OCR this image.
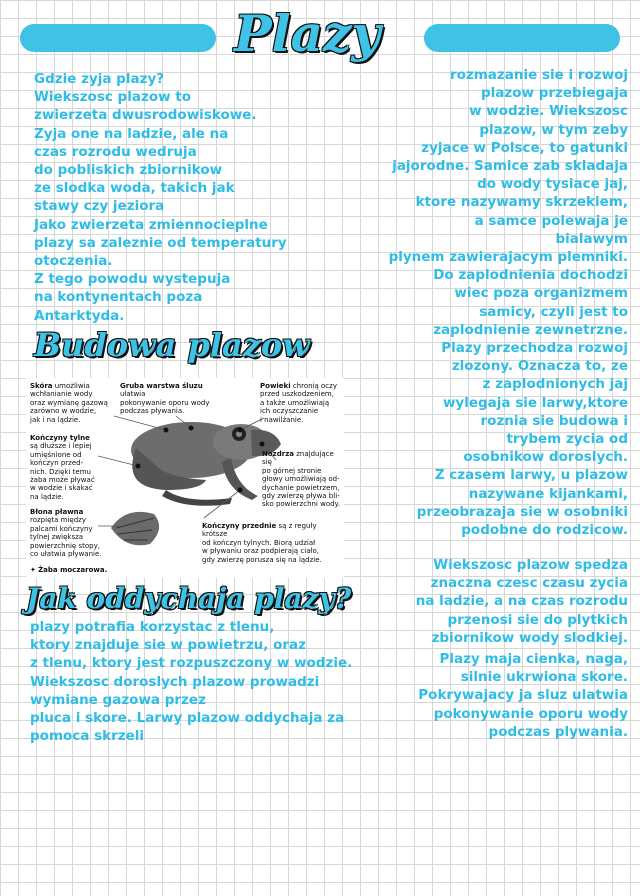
Plazy

Gdzie zyja plazy?

Wiekszosc plazow to

zwierzeta dwusrodowiskowe.

Zyja one na ladzie, ale na

czas rozrodu wedruja

do pobliskich zbiornikow

ze slodka woda, takich jak

stawy czy jeziora

Jako zwierzeta zmiennocieplne

plazy sa zaleznie od temperatury

otoczenia.

Z tego powodu wystepuja

na kontynentach poza

Antarktyda.

Budowa plazow
Skóra umożliwia
wchłanianie wody
oraz wymianę gazową
zarówno w wodzie,
jak i na lądzie.
Gruba warstwa śluzu ułatwia
pokonywanie oporu wody
podczas pływania.
Powieki chronią oczy
przed uszkodzeniem,
a także umożliwiają
ich oczyszczanie
i nawilżanie.
Kończyny tylne
są dłuższe i lepiej
umięśnione od
kończyn przed-
nich. Dzięki temu
żaba może pływać
w wodzie i skakać
na lądzie.
Nozdrza znajdujące się
po górnej stronie
głowy umożliwiają od-
dychanie powietrzem,
gdy zwierzę pływa bli-
sko powierzchni wody.
Błona pławna
rozpięta między
palcami kończyny
tylnej zwiększa
powierzchnię stopy,
co ułatwia pływanie.
Kończyny przednie są z reguły krótsze
od kończyn tylnych. Biorą udział
w pływaniu oraz podpierają ciało,
gdy zwierzę porusza się na lądzie.
✦ Żaba moczarowa.
Jak oddychaja plazy?

plazy potrafia korzystac z tlenu,

ktory znajduje sie w powietrzu, oraz

z tlenu, ktory jest rozpuszczony w wodzie.

Wiekszosc doroslych plazow prowadzi

wymiane gazowa przez

pluca i skore. Larwy plazow oddychaja za

pomoca skrzeli

rozmazanie sie i rozwoj

plazow przebiegaja

w wodzie. Wiekszosc

plazow, w tym zeby

zyjace w Polsce, to gatunki

jajorodne. Samice zab skladaja

do wody tysiace jaj,

ktore nazywamy skrzekiem,

a samce polewaja je

bialawym

plynem zawierajacym plemniki.

Do zaplodnienia dochodzi

wiec poza organizmem

samicy, czyli jest to

zaplodnienie zewnetrzne.

Plazy przechodza rozwoj

zlozony. Oznacza to, ze

z zaplodnionych jaj

wylegaja sie larwy,ktore

roznia sie budowa i

trybem zycia od

osobnikow doroslych.

Z czasem larwy, u plazow

nazywane kijankami,

przeobrazaja sie w osobniki

podobne do rodzicow.

Wiekszosc plazow spedza

znaczna czesc czasu zycia

na ladzie, a na czas rozrodu

przenosi sie do plytkich

zbiornikow wody slodkiej.

Plazy maja cienka, naga,

silnie ukrwiona skore.

Pokrywajacy ja sluz ulatwia

pokonywanie oporu wody

podczas plywania.
